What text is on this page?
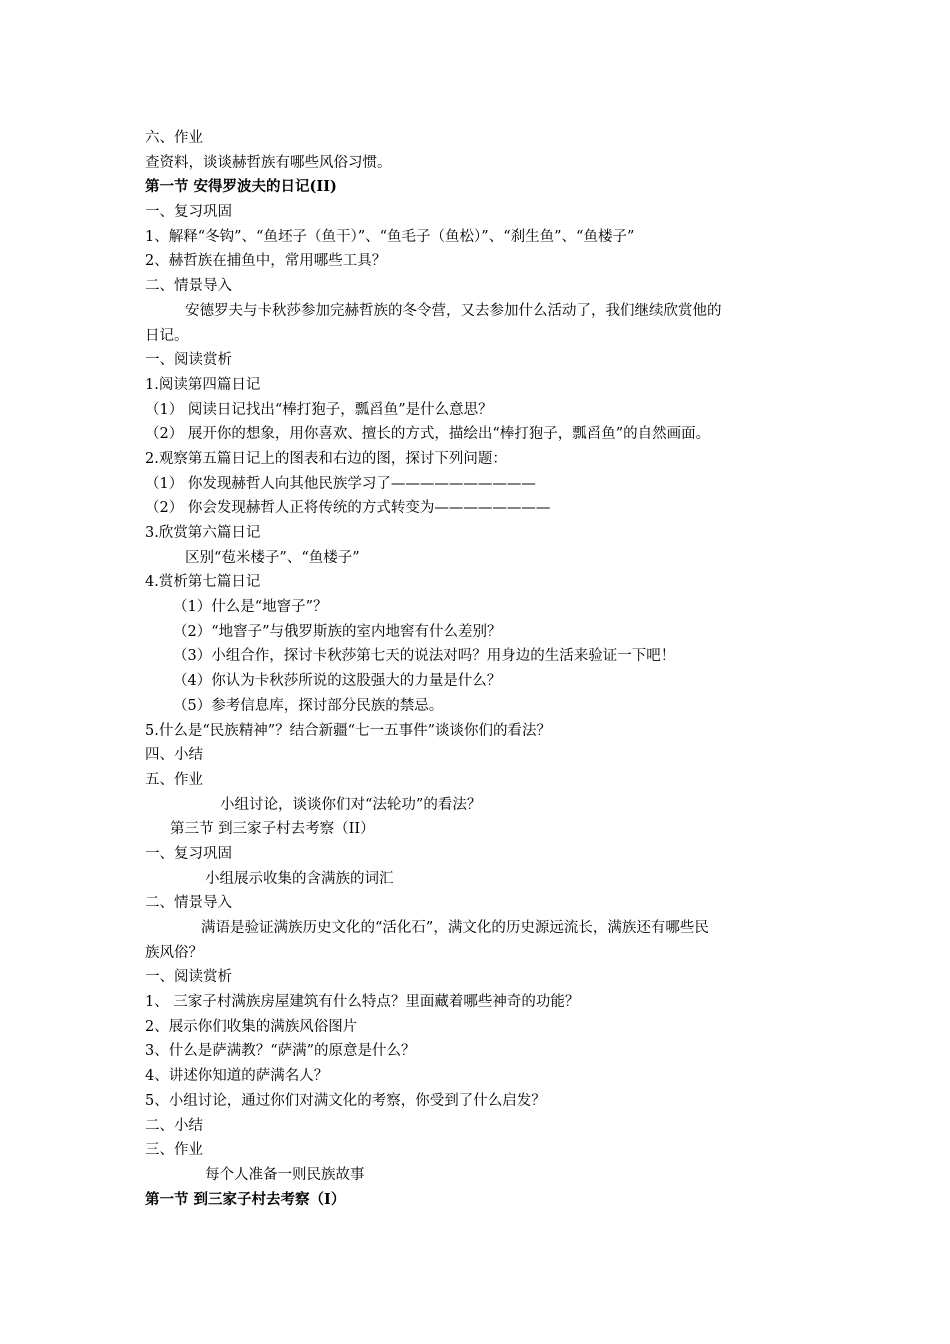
六、作业
查资料，谈谈赫哲族有哪些风俗习惯。
第一节 安得罗波夫的日记(II)
一、复习巩固
1、解释“冬钩”、“鱼坯子（鱼干）”、“鱼毛子（鱼松）”、“刹生鱼”、“鱼楼子”
2、赫哲族在捕鱼中，常用哪些工具？
二、情景导入
安德罗夫与卡秋莎参加完赫哲族的冬令营，又去参加什么活动了，我们继续欣赏他的
日记。
一、阅读赏析
1.阅读第四篇日记
（1） 阅读日记找出“棒打狍子，瓢舀鱼”是什么意思？
（2） 展开你的想象，用你喜欢、擅长的方式，描绘出“棒打狍子，瓢舀鱼”的自然画面。
2.观察第五篇日记上的图表和右边的图，探讨下列问题：
（1） 你发现赫哲人向其他民族学习了——————————
（2） 你会发现赫哲人正将传统的方式转变为————————
3.欣赏第六篇日记
区别“苞米楼子”、“鱼楼子”
4.赏析第七篇日记
（1）什么是“地窨子”？
（2）“地窨子”与俄罗斯族的室内地窖有什么差别？
（3）小组合作，探讨卡秋莎第七天的说法对吗？用身边的生活来验证一下吧！
（4）你认为卡秋莎所说的这股强大的力量是什么？
（5）参考信息库，探讨部分民族的禁忌。
5.什么是“民族精神”？结合新疆“七一五事件”谈谈你们的看法？
四、小结
五、作业
小组讨论，谈谈你们对“法轮功”的看法？
第三节 到三家子村去考察（II）
一、复习巩固
小组展示收集的含满族的词汇
二、情景导入
满语是验证满族历史文化的“活化石”，满文化的历史源远流长，满族还有哪些民
族风俗？
一、阅读赏析
1、 三家子村满族房屋建筑有什么特点？里面藏着哪些神奇的功能？
2、展示你们收集的满族风俗图片
3、什么是萨满教？“萨满”的原意是什么？
4、讲述你知道的萨满名人？
5、小组讨论，通过你们对满文化的考察，你受到了什么启发？
二、小结
三、作业
每个人准备一则民族故事
第一节 到三家子村去考察（I）
